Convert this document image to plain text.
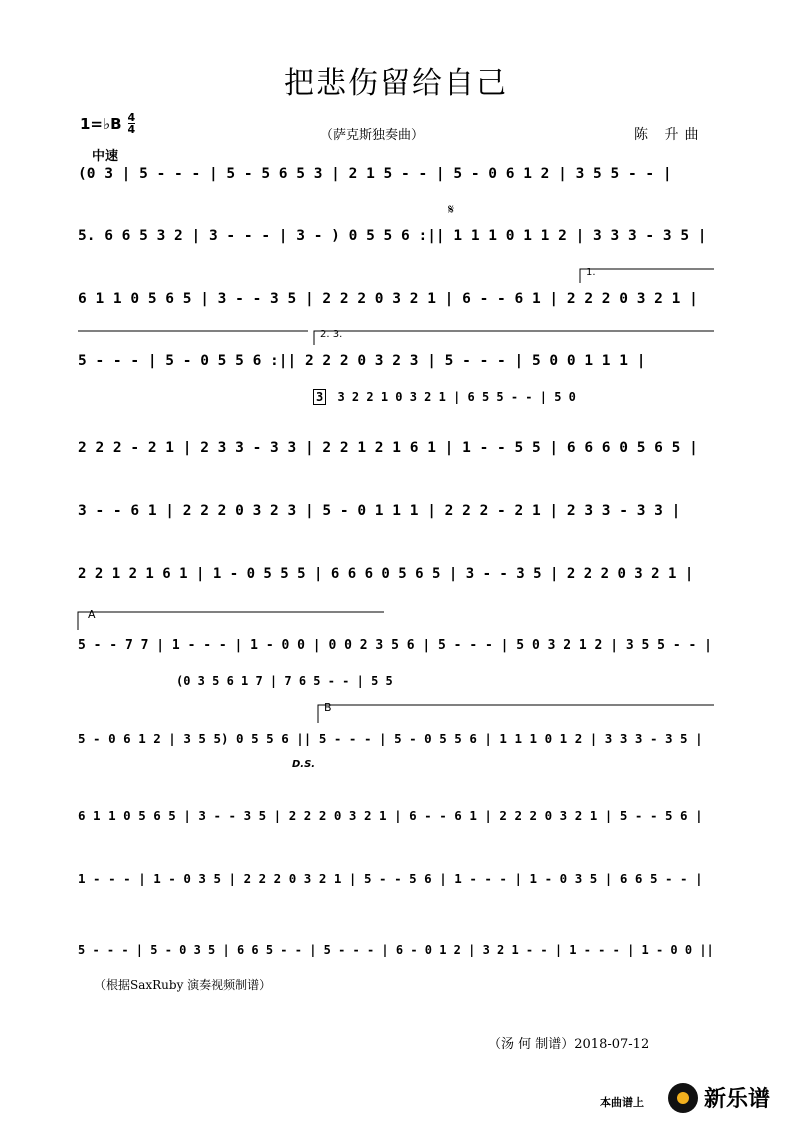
把悲伤留给自己
1=♭B $\frac{4}{4}$
（萨克斯独奏曲）	陈 升曲
中速
(0 3 | 5 - - - | 5 - 5 6 5 3 | 2 1 5 - - | 5 - 0 6 1 2 | 3 5 5 - - |
𝄋
5. 6 6 5 3 2 | 3 - - - | 3 - ) 0 5 5 6 :|| 1 1 1 0 1 1 2 | 3 3 3 - 3 5 |
1.
6 1 1 0 5 6 5 | 3 - - 3 5 | 2 2 2 0 3 2 1 | 6 - - 6 1 | 2 2 2 0 3 2 1 |
2. 3.
5 - - - | 5 - 0 5 5 6 :|| 2 2 2 0 3 2 3 | 5 - - - | 5 0 0 1 1 1 |
3 3 2 2 1 0 3 2 1 | 6 5 5 - - | 5 0
2 2 2 - 2 1 | 2 3 3 - 3 3 | 2 2 1 2 1 6 1 | 1 - - 5 5 | 6 6 6 0 5 6 5 |
3 - - 6 1 | 2 2 2 0 3 2 3 | 5 - 0 1 1 1 | 2 2 2 - 2 1 | 2 3 3 - 3 3 |
2 2 1 2 1 6 1 | 1 - 0 5 5 5 | 6 6 6 0 5 6 5 | 3 - - 3 5 | 2 2 2 0 3 2 1 |
A
5 - - 7 7 | 1 - - - | 1 - 0 0 | 0 0 2 3 5 6 | 5 - - - | 5 0 3 2 1 2 | 3 5 5 - - |
(0 3 5 6 1 7 | 7 6 5 - - | 5 5
B
D.S.
5 - 0 6 1 2 | 3 5 5) 0 5 5 6 || 5 - - - | 5 - 0 5 5 6 | 1 1 1 0 1 2 | 3 3 3 - 3 5 |
6 1 1 0 5 6 5 | 3 - - 3 5 | 2 2 2 0 3 2 1 | 6 - - 6 1 | 2 2 2 0 3 2 1 | 5 - - 5 6 |
1 - - - | 1 - 0 3 5 | 2 2 2 0 3 2 1 | 5 - - 5 6 | 1 - - - | 1 - 0 3 5 | 6 6 5 - - |
5 - - - | 5 - 0 3 5 | 6 6 5 - - | 5 - - - | 6 - 0 1 2 | 3 2 1 - - | 1 - - - | 1 - 0 0 ||
（根据SaxRuby 演奏视频制谱）
（汤 何 制谱）2018-07-12
本曲谱上	新乐谱
